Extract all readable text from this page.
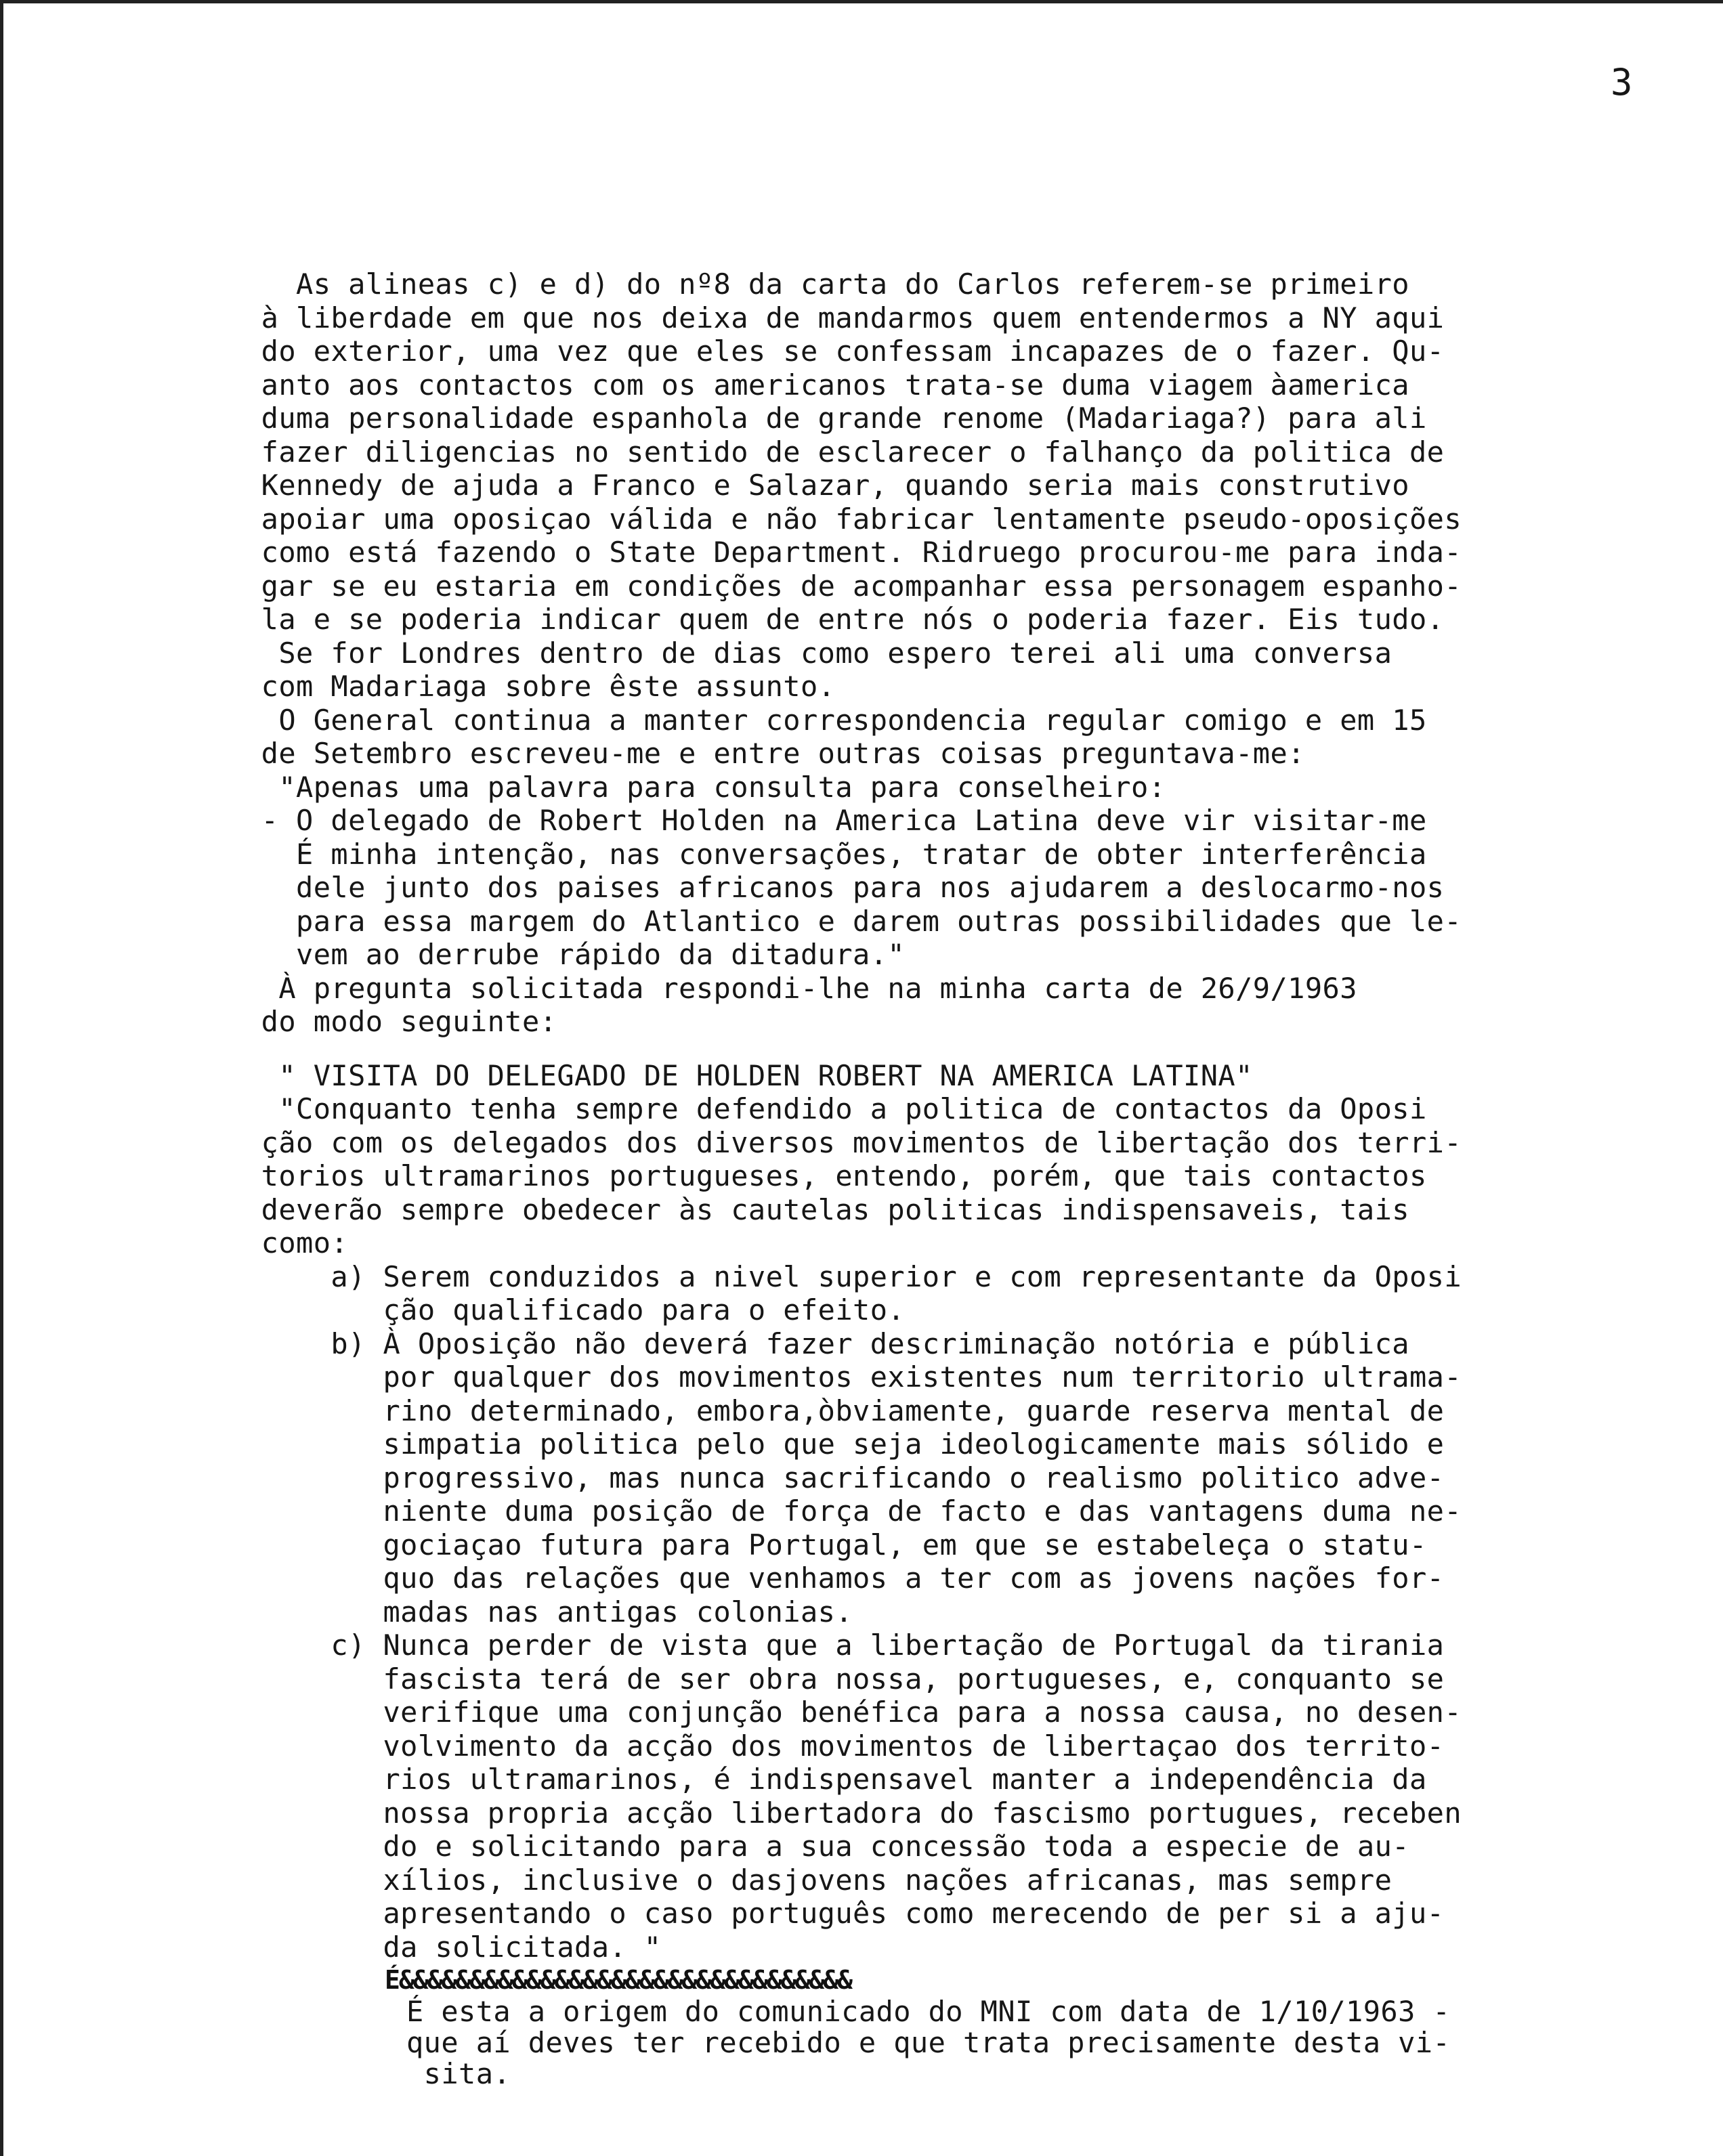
3
As alineas c) e d) do nº8 da carta do Carlos referem-se primeiro
à liberdade em que nos deixa de mandarmos quem entendermos a NY aqui
do exterior, uma vez que eles se confessam incapazes de o fazer. Qu-
anto aos contactos com os americanos trata-se duma viagem àamerica
duma personalidade espanhola de grande renome (Madariaga?) para ali
fazer diligencias no sentido de esclarecer o falhanço da politica de
Kennedy de ajuda a Franco e Salazar, quando seria mais construtivo
apoiar uma oposiçao válida e não fabricar lentamente pseudo-oposições
como está fazendo o State Department. Ridruego procurou-me para inda-
gar se eu estaria em condições de acompanhar essa personagem espanho-
la e se poderia indicar quem de entre nós o poderia fazer. Eis tudo.
Se for Londres dentro de dias como espero terei ali uma conversa
com Madariaga sobre êste assunto.
O General continua a manter correspondencia regular comigo e em 15
de Setembro escreveu-me e entre outras coisas preguntava-me:
"Apenas uma palavra para consulta para conselheiro:
- O delegado de Robert Holden na America Latina deve vir visitar-me
É minha intenção, nas conversações, tratar de obter interferência
dele junto dos paises africanos para nos ajudarem a deslocarmo-nos
para essa margem do Atlantico e darem outras possibilidades que le-
vem ao derrube rápido da ditadura."
À pregunta solicitada respondi-lhe na minha carta de 26/9/1963
do modo seguinte:
" VISITA DO DELEGADO DE HOLDEN ROBERT NA AMERICA LATINA"
"Conquanto tenha sempre defendido a politica de contactos da Oposi
ção com os delegados dos diversos movimentos de libertação dos terri-
torios ultramarinos portugueses, entendo, porém, que tais contactos
deverão sempre obedecer às cautelas politicas indispensaveis, tais
como:
a) Serem conduzidos a nivel superior e com representante da Oposi
ção qualificado para o efeito.
b) À Oposição não deverá fazer descriminação notória e pública
por qualquer dos movimentos existentes num territorio ultrama-
rino determinado, embora,òbviamente, guarde reserva mental de
simpatia politica pelo que seja ideologicamente mais sólido e
progressivo, mas nunca sacrificando o realismo politico adve-
niente duma posição de força de facto e das vantagens duma ne-
gociaçao futura para Portugal, em que se estabeleça o statu-
quo das relações que venhamos a ter com as jovens nações for-
madas nas antigas colonias.
c) Nunca perder de vista que a libertação de Portugal da tirania
fascista terá de ser obra nossa, portugueses, e, conquanto se
verifique uma conjunção benéfica para a nossa causa, no desen-
volvimento da acção dos movimentos de libertaçao dos territo-
rios ultramarinos, é indispensavel manter a independência da
nossa propria acção libertadora do fascismo portugues, receben
do e solicitando para a sua concessão toda a especie de au-
xílios, inclusive o dasjovens nações africanas, mas sempre
apresentando o caso português como merecendo de per si a aju-
da solicitada. "
É&&&&&&&&&&&&&&&&&&&&&&&&&&&&&&&&
É esta a origem do comunicado do MNI com data de 1/10/1963 -
que aí deves ter recebido e que trata precisamente desta vi-
sita.
